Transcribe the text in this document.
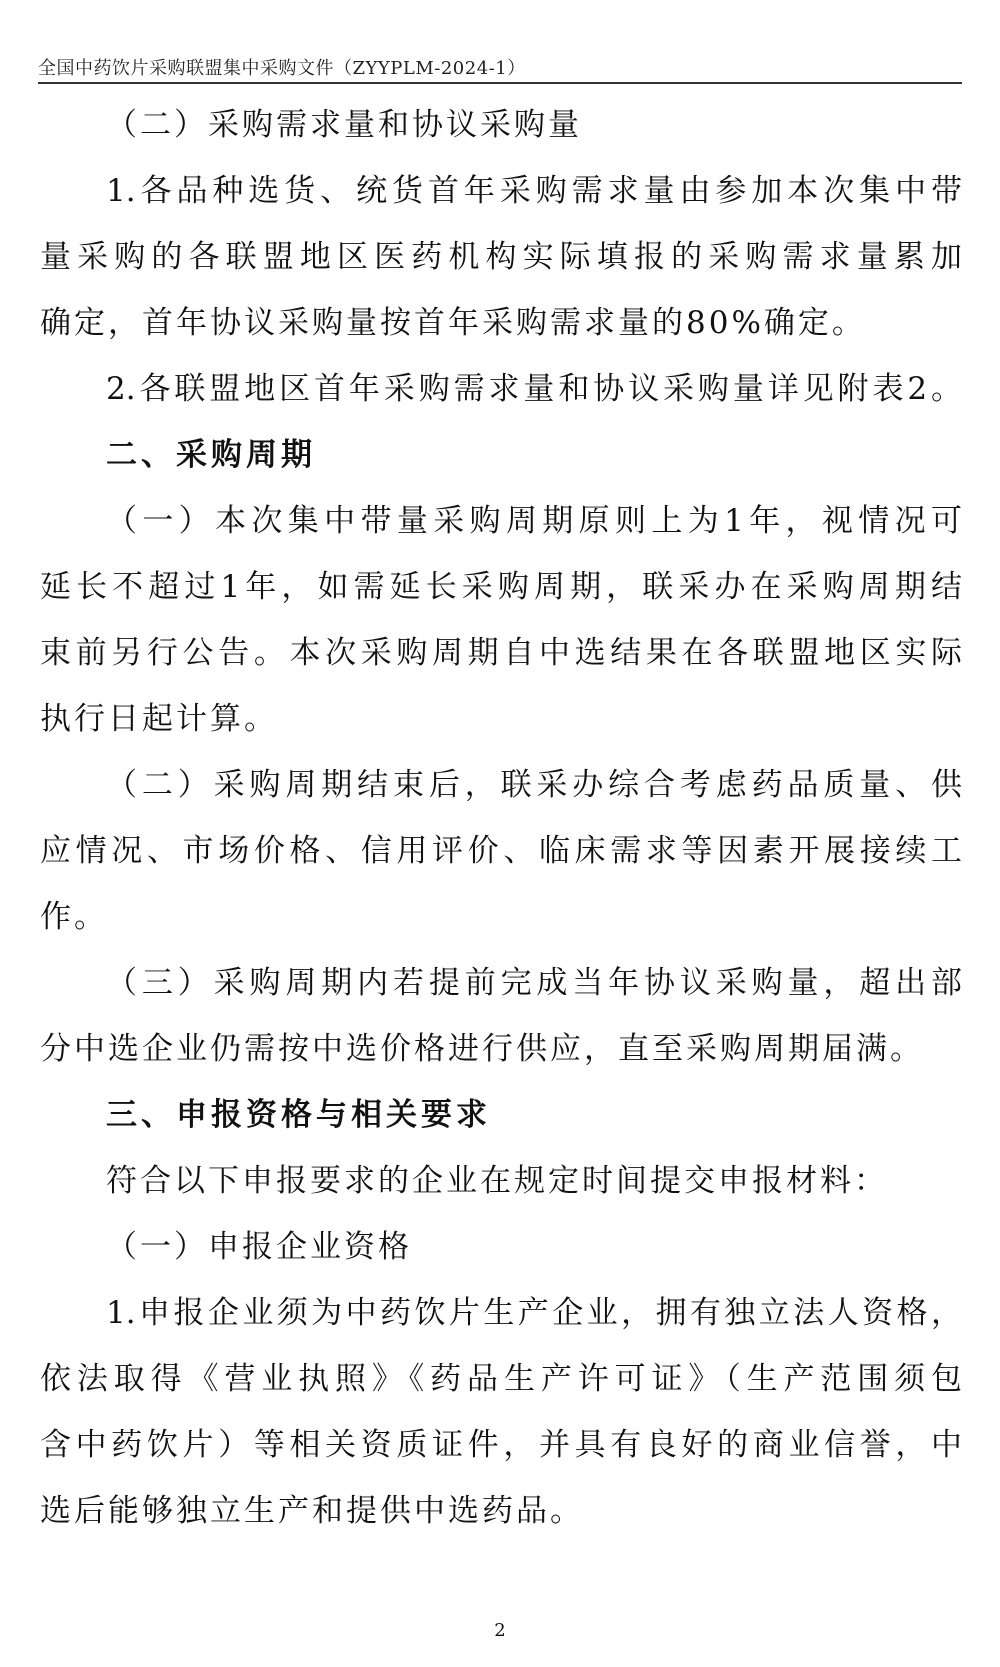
全国中药饮片采购联盟集中采购文件（ZYYPLM-2024-1）
（二）采购需求量和协议采购量
1.各品种选货、统货首年采购需求量由参加本次集中带
量采购的各联盟地区医药机构实际填报的采购需求量累加
确定，首年协议采购量按首年采购需求量的80%确定。
2.各联盟地区首年采购需求量和协议采购量详见附表2。
二、采购周期
（一）本次集中带量采购周期原则上为1年，视情况可
延长不超过1年，如需延长采购周期，联采办在采购周期结
束前另行公告。本次采购周期自中选结果在各联盟地区实际
执行日起计算。
（二）采购周期结束后，联采办综合考虑药品质量、供
应情况、市场价格、信用评价、临床需求等因素开展接续工
作。
（三）采购周期内若提前完成当年协议采购量，超出部
分中选企业仍需按中选价格进行供应，直至采购周期届满。
三、申报资格与相关要求
符合以下申报要求的企业在规定时间提交申报材料：
（一）申报企业资格
1.申报企业须为中药饮片生产企业，拥有独立法人资格，
依法取得《营业执照》《药品生产许可证》（生产范围须包
含中药饮片）等相关资质证件，并具有良好的商业信誉，中
选后能够独立生产和提供中选药品。
2
